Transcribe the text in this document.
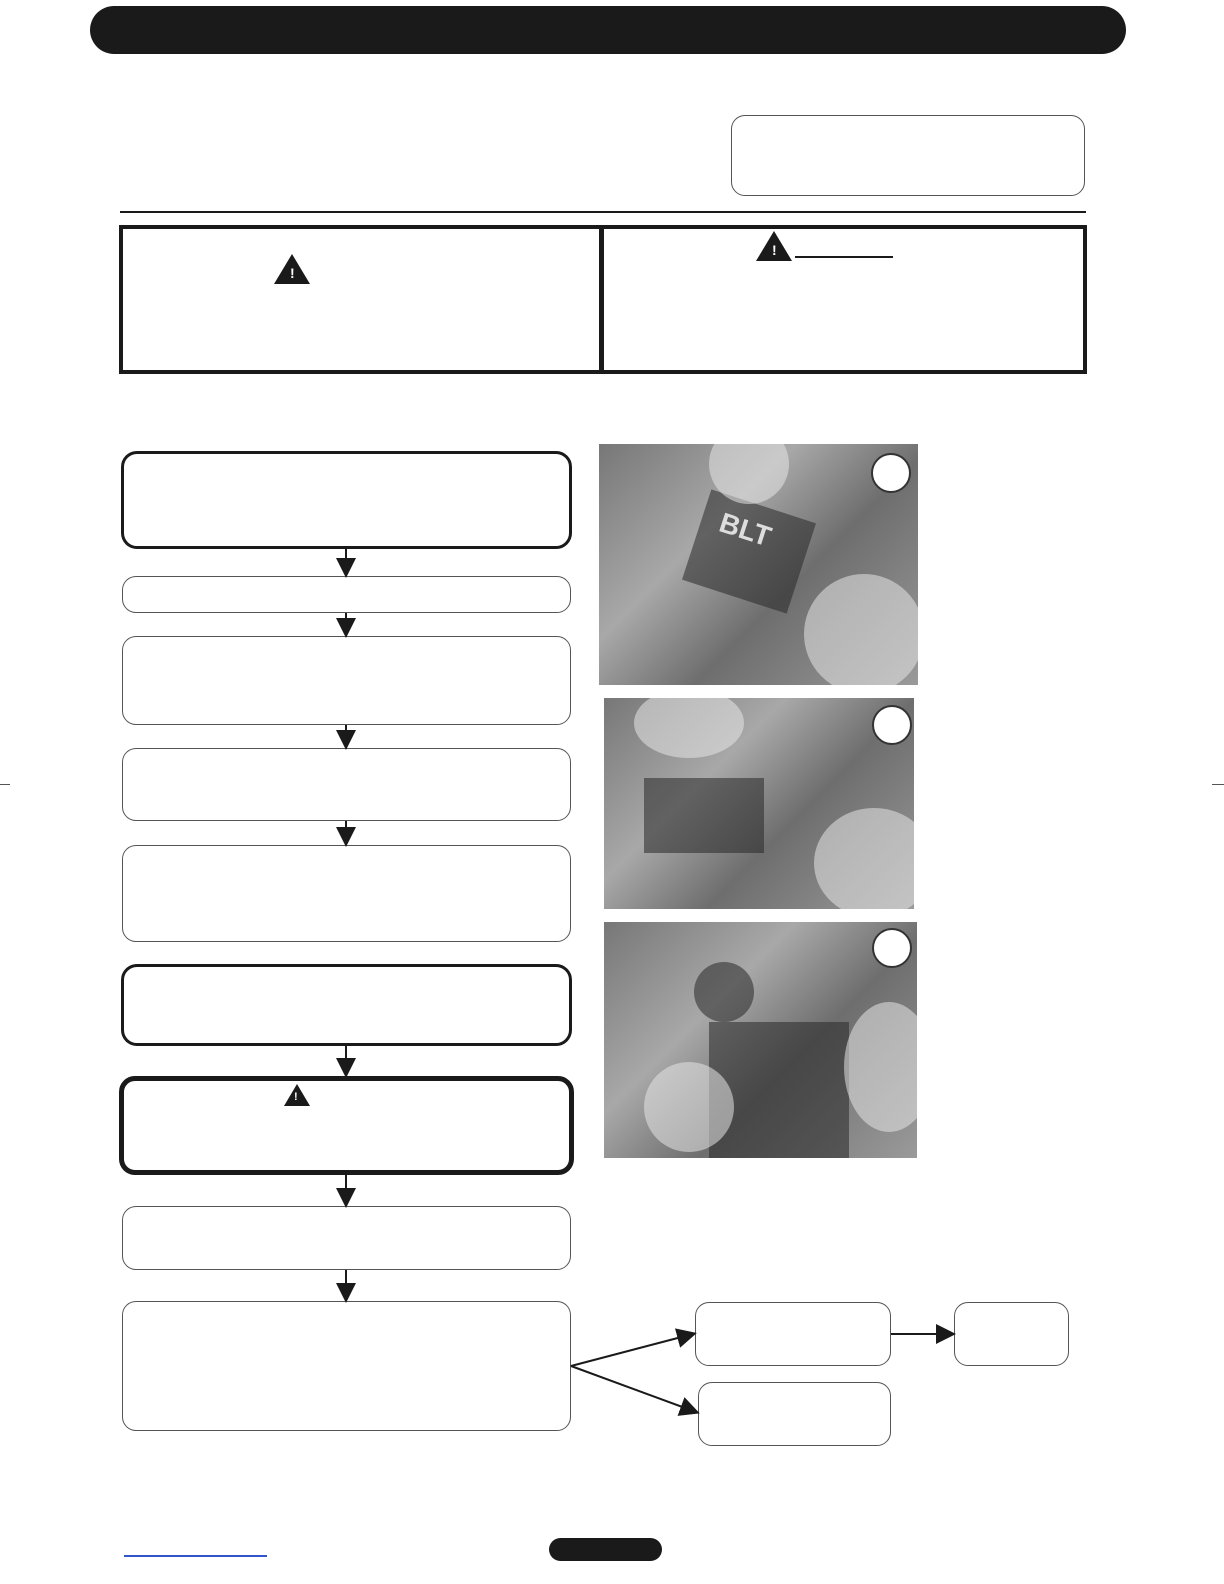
!
!
!
BLT
